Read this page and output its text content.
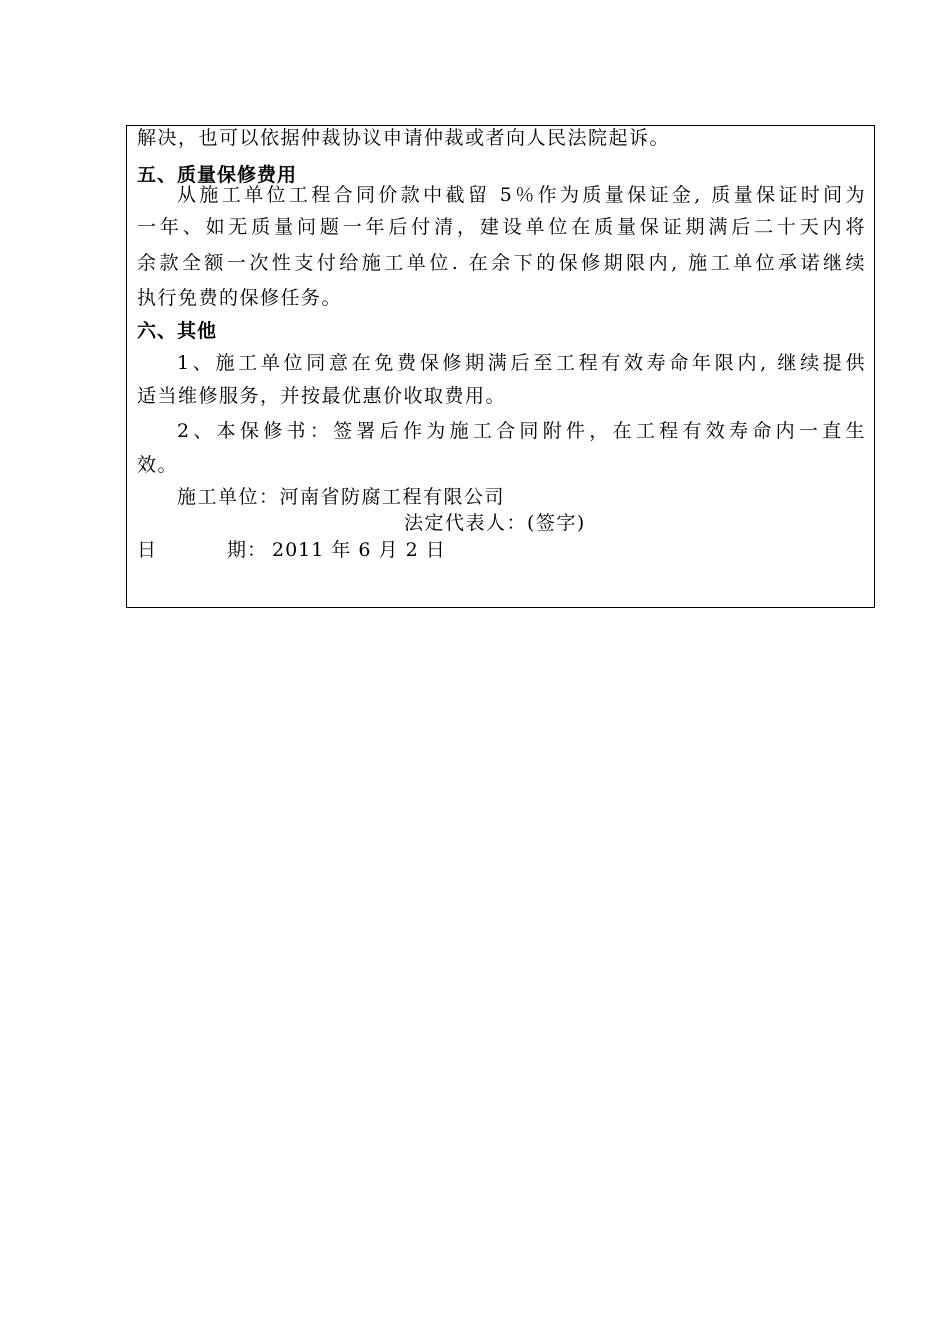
解决，也可以依据仲裁协议申请仲裁或者向人民法院起诉。
五、质量保修费用
从施工单位工程合同价款中截留 5％作为质量保证金, 质量保证时间为
一年、如无质量问题一年后付清，建设单位在质量保证期满后二十天内将
余款全额一次性支付给施工单位. 在余下的保修期限内, 施工单位承诺继续
执行免费的保修任务。
六、其他
1、施工单位同意在免费保修期满后至工程有效寿命年限内, 继续提供
适当维修服务，并按最优惠价收取费用。
2、本保修书：签署后作为施工合同附件，在工程有效寿命内一直生
效。
施工单位：河南省防腐工程有限公司
法定代表人：(签字)
日	期： 2011 年 6 月 2 日
